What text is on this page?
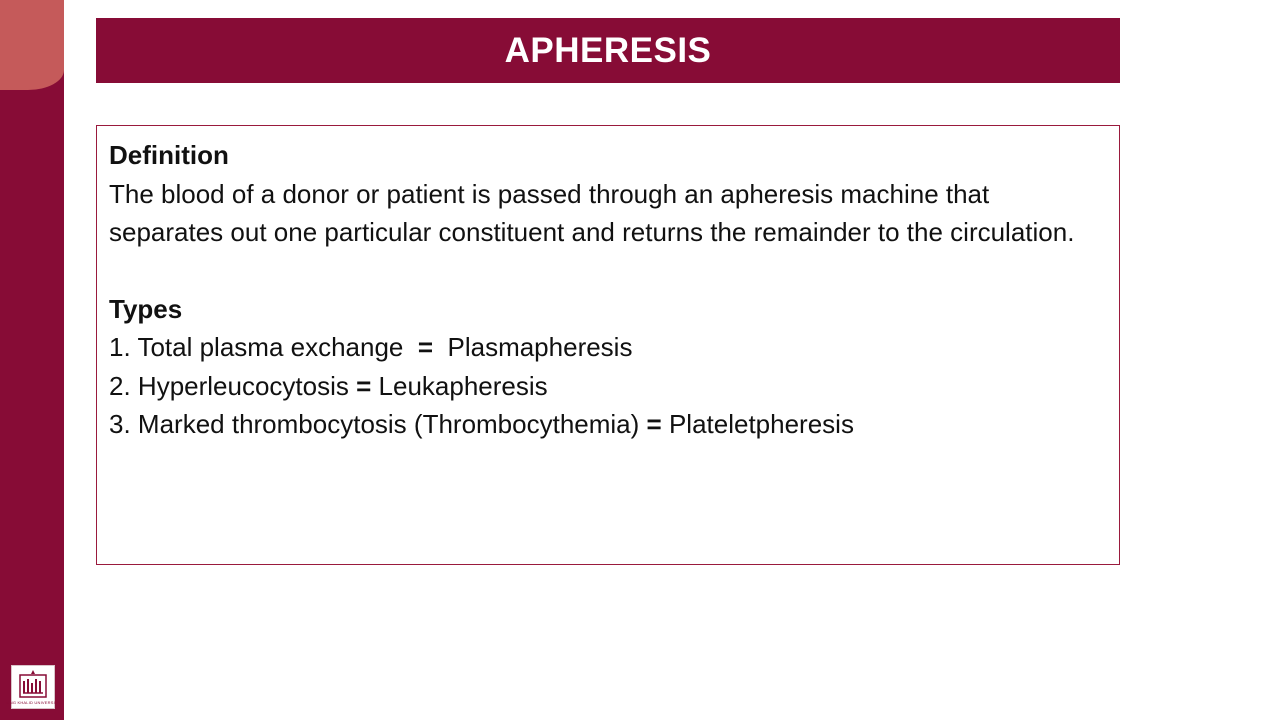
KING KHALID UNIVERSITY
APHERESIS
Definition

The blood of a donor or patient is passed through an apheresis machine that separates out one particular constituent and returns the remainder to the circulation.

Types
1. Total plasma exchange  =  Plasmapheresis
2. Hyperleucocytosis = Leukapheresis
3. Marked thrombocytosis (Thrombocythemia) = Plateletpheresis
